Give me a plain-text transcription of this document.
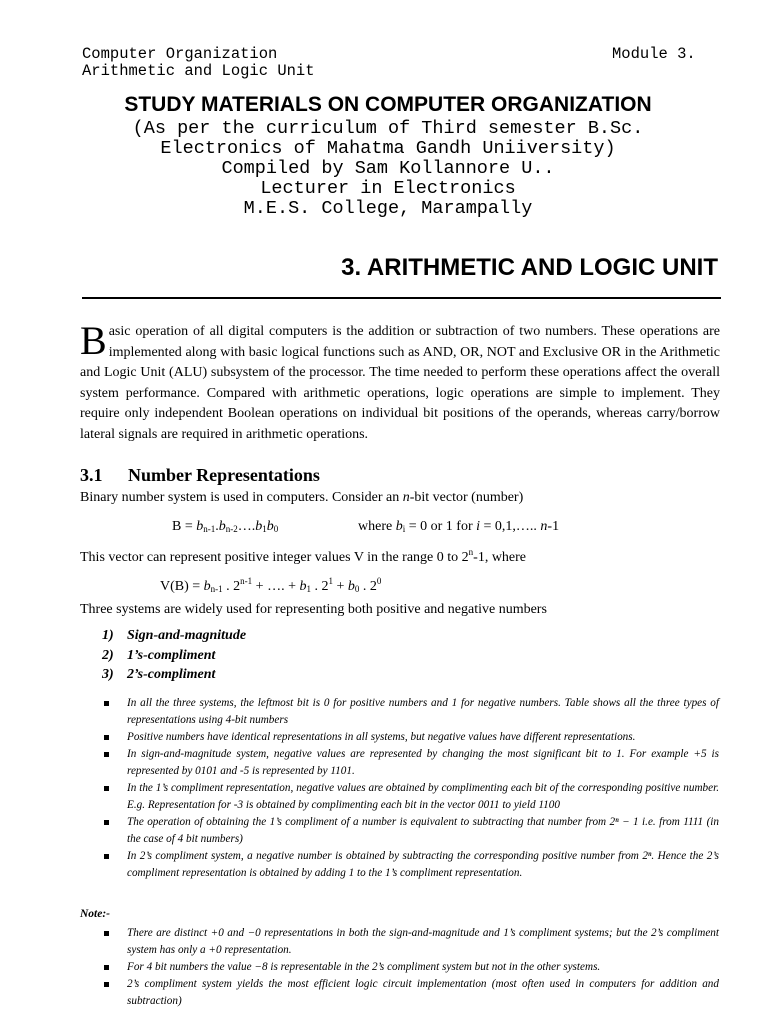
Computer Organization
Arithmetic and Logic Unit
Module 3.
STUDY MATERIALS ON COMPUTER ORGANIZATION
(As per the curriculum of Third semester B.Sc.
Electronics of Mahatma Gandh Uniiversity)
Compiled by Sam Kollannore U..
Lecturer in Electronics
M.E.S. College, Marampally
3. ARITHMETIC AND LOGIC UNIT
Basic operation of all digital computers is the addition or subtraction of two numbers. These operations are implemented along with basic logical functions such as AND, OR, NOT and Exclusive OR in the Arithmetic and Logic Unit (ALU) subsystem of the processor. The time needed to perform these operations affect the overall system performance. Compared with arithmetic operations, logic operations are simple to implement. They require only independent Boolean operations on individual bit positions of the operands, whereas carry/borrow lateral signals are required in arithmetic operations.
3.1 Number Representations
Binary number system is used in computers. Consider an n-bit vector (number)
$B = b_{n-1}.b_{n-2}\dots.b_1b_0$	where $b_i = 0$ or 1 for i = 0,1,….. n-1
This vector can represent positive integer values V in the range 0 to 2$^n$-1, where
$V(B) = b_{n-1}$ . $2^{n-1}$ + …. + $b_1$ . $2^1 + b_0$ . $2^0$
Three systems are widely used for representing both positive and negative numbers
1) Sign-and-magnitude
2) 1’s-compliment
3) 2’s-compliment
In all the three systems, the leftmost bit is 0 for positive numbers and 1 for negative numbers. Table shows all the three types of representations using 4-bit numbers
Positive numbers have identical representations in all systems, but negative values have different representations.
In sign-and-magnitude system, negative values are represented by changing the most significant bit to 1. For example +5 is represented by 0101 and -5 is represented by 1101.
In the 1’s compliment representation, negative values are obtained by complimenting each bit of the corresponding positive number. E.g. Representation for -3 is obtained by complimenting each bit in the vector 0011 to yield 1100
The operation of obtaining the 1’s compliment of a number is equivalent to subtracting that number from 2ⁿ − 1 i.e. from 1111 (in the case of 4 bit numbers)
In 2’s compliment system, a negative number is obtained by subtracting the corresponding positive number from 2ⁿ. Hence the 2’s compliment representation is obtained by adding 1 to the 1’s compliment representation.
Note:-
There are distinct +0 and −0 representations in both the sign-and-magnitude and 1’s compliment systems; but the 2’s compliment system has only a +0 representation.
For 4 bit numbers the value −8 is representable in the 2’s compliment system but not in the other systems.
2’s compliment system yields the most efficient logic circuit implementation (most often used in computers for addition and subtraction)
